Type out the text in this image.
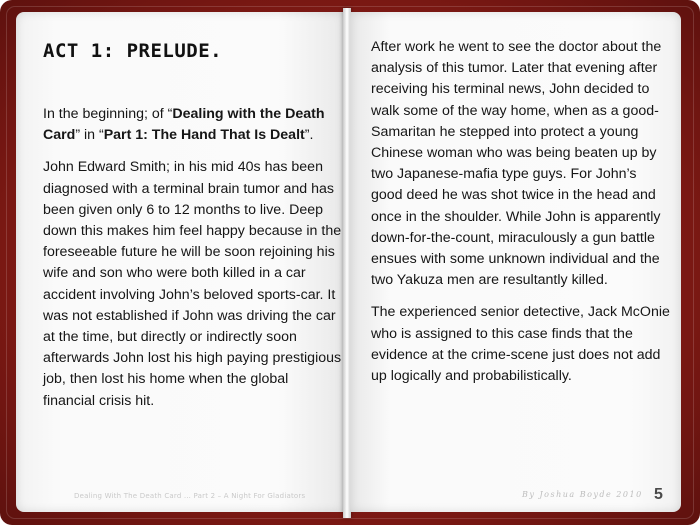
ACT 1: PRELUDE.

In the beginning; of “Dealing with the Death Card” in “Part 1: The Hand That Is Dealt”.

John Edward Smith; in his mid 40s has been diagnosed with a terminal brain tumor and has been given only 6 to 12 months to live. Deep down this makes him feel happy because in the foreseeable future he will be soon rejoining his wife and son who were both killed in a car accident involving John’s beloved sports-car. It was not established if John was driving the car at the time, but directly or indirectly soon afterwards John lost his high paying prestigious job, then lost his home when the global financial crisis hit.

Dealing With The Death Card … Part 2 – A Night For Gladiators

After work he went to see the doctor about the analysis of this tumor. Later that evening after receiving his terminal news, John decided to walk some of the way home, when as a good-Samaritan he stepped into protect a young Chinese woman who was being beaten up by two Japanese-mafia type guys. For John’s good deed he was shot twice in the head and once in the shoulder. While John is apparently down-for-the-count, miraculously a gun battle ensues with some unknown individual and the two Yakuza men are resultantly killed.

The experienced senior detective, Jack McOnie who is assigned to this case finds that the evidence at the crime-scene just does not add up logically and probabilistically.

By Joshua Boyde 2010 5
